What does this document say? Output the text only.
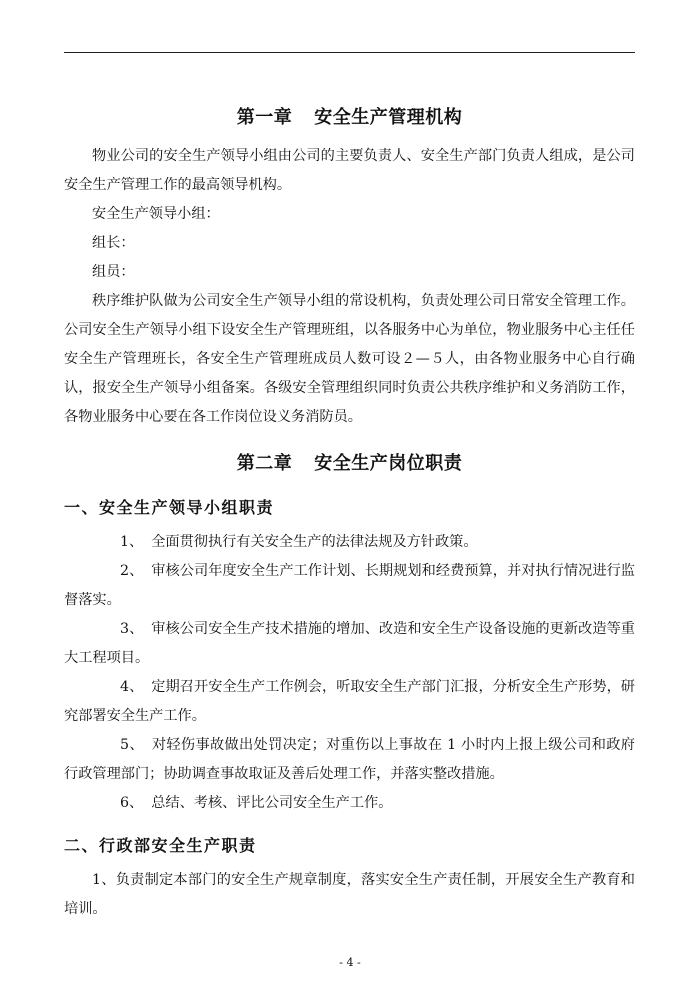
第一章 安全生产管理机构

物业公司的安全生产领导小组由公司的主要负责人、安全生产部门负责人组成，是公司安全生产管理工作的最高领导机构。

安全生产领导小组：

组长：

组员：

秩序维护队做为公司安全生产领导小组的常设机构，负责处理公司日常安全管理工作。公司安全生产领导小组下设安全生产管理班组，以各服务中心为单位，物业服务中心主任任安全生产管理班长，各安全生产管理班成员人数可设２—５人，由各物业服务中心自行确认，报安全生产领导小组备案。各级安全管理组织同时负责公共秩序维护和义务消防工作，各物业服务中心要在各工作岗位设义务消防员。

第二章 安全生产岗位职责
一、安全生产领导小组职责

1、 全面贯彻执行有关安全生产的法律法规及方针政策。

2、 审核公司年度安全生产工作计划、长期规划和经费预算，并对执行情况进行监督落实。

3、 审核公司安全生产技术措施的增加、改造和安全生产设备设施的更新改造等重大工程项目。

4、 定期召开安全生产工作例会，听取安全生产部门汇报，分析安全生产形势，研究部署安全生产工作。

5、 对轻伤事故做出处罚决定；对重伤以上事故在 1 小时内上报上级公司和政府行政管理部门；协助调查事故取证及善后处理工作，并落实整改措施。

6、 总结、考核、评比公司安全生产工作。

二、行政部安全生产职责

1、负责制定本部门的安全生产规章制度，落实安全生产责任制，开展安全生产教育和培训。

- 4 -
